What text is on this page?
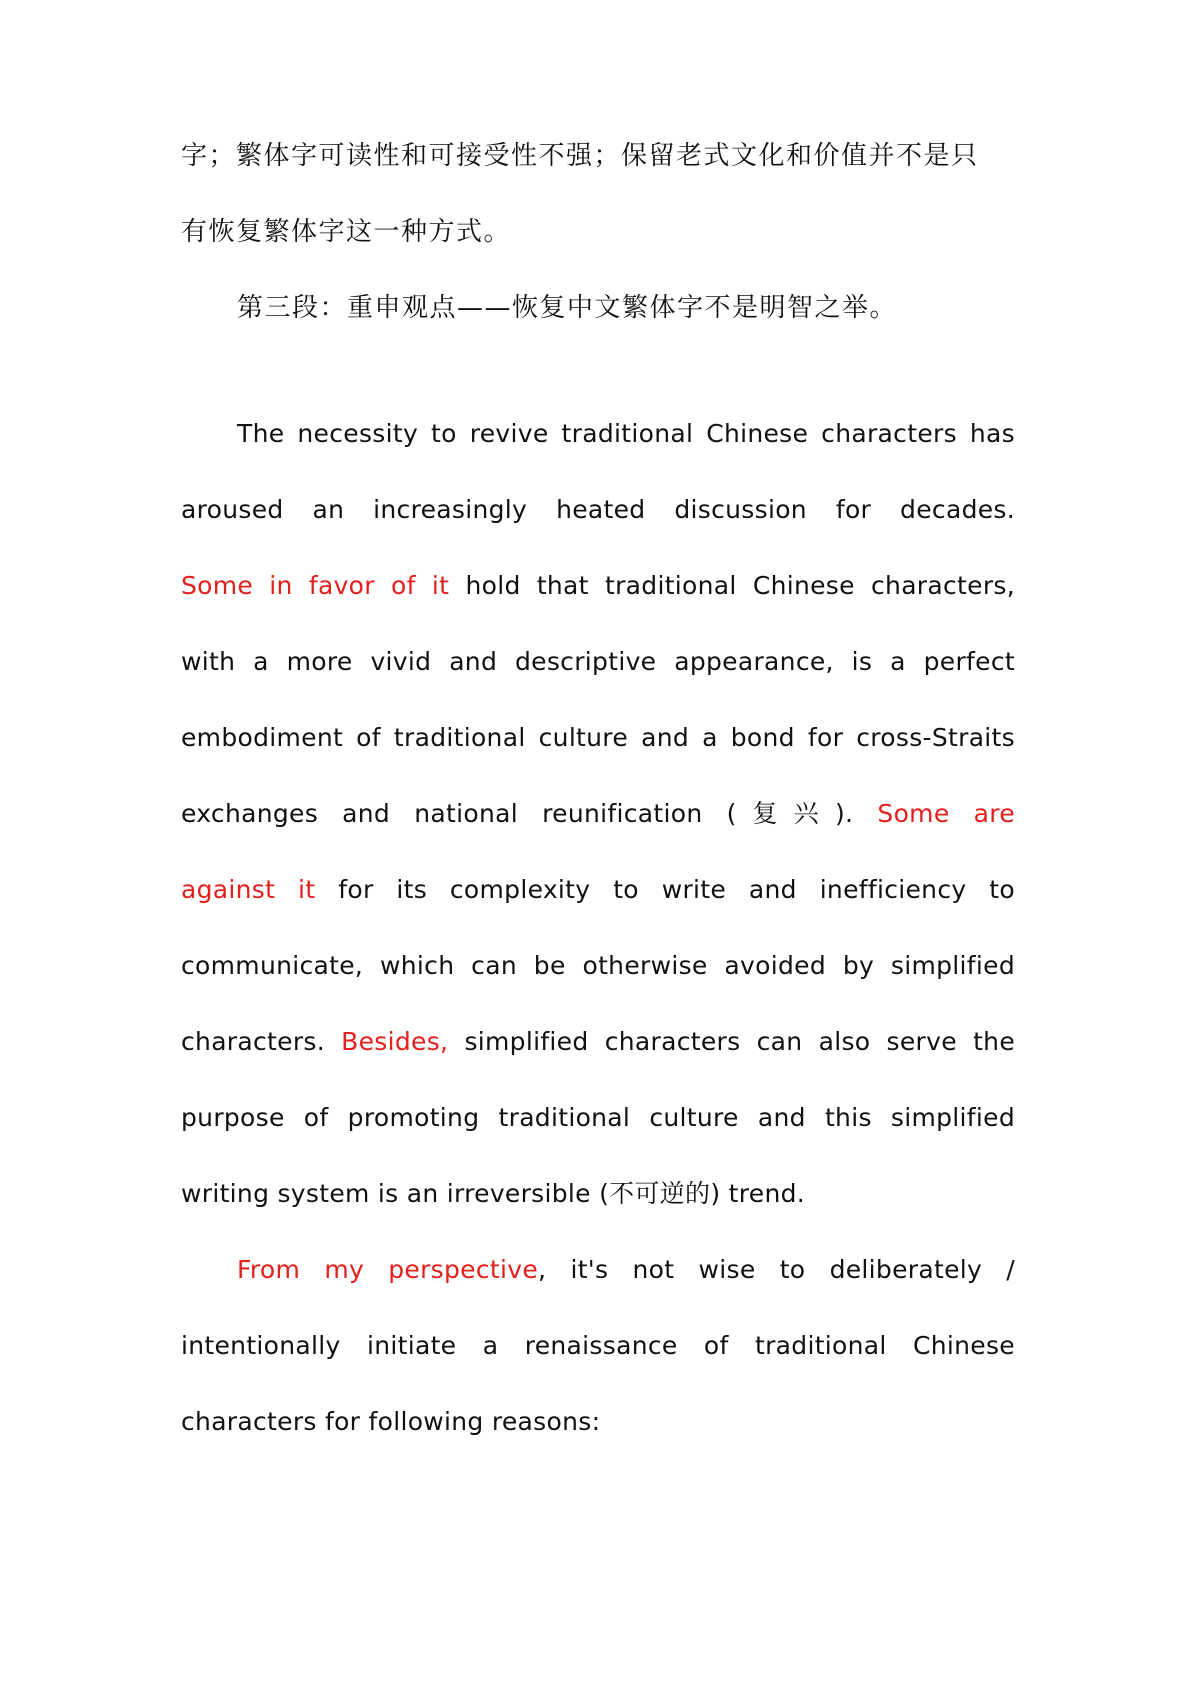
字；繁体字可读性和可接受性不强；保留老式文化和价值并不是只
有恢复繁体字这一种方式。
第三段：重申观点——恢复中文繁体字不是明智之举。
The necessity to revive traditional Chinese characters has
aroused an increasingly heated discussion for decades.
Some in favor of it hold that traditional Chinese characters,
with a more vivid and descriptive appearance, is a perfect
embodiment of traditional culture and a bond for cross-Straits
exchanges and national reunification (复兴). Some are
against it for its complexity to write and inefficiency to
communicate, which can be otherwise avoided by simplified
characters. Besides, simplified characters can also serve the
purpose of promoting traditional culture and this simplified
writing system is an irreversible (不可逆的) trend.
From my perspective, it's not wise to deliberately /
intentionally initiate a renaissance of traditional Chinese
characters for following reasons:
